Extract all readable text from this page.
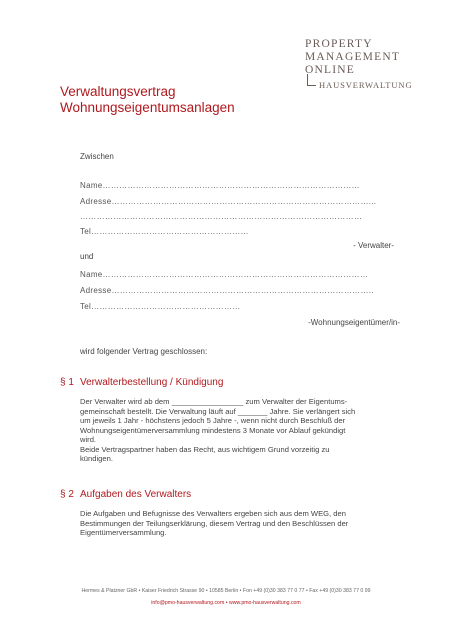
PROPERTY
MANAGEMENT
ONLINE
HAUSVERWALTUNG
Verwaltungsvertrag
Wohnungseigentumsanlagen
Zwischen
Name…………………………………………………………………………………
Adresse…………………………………………………………………………………...
…………………………………………………………………………………………
Tel…………………………………………………
- Verwalter-
und
Name……………………………………………………………………………………
Adresse…………………………………………………………………………………..
Tel………………………………………………
-Wohnungseigentümer/in-
wird folgender Vertrag geschlossen:
§ 1 Verwalterbestellung / Kündigung
Der Verwalter wird ab dem _________________ zum Verwalter der Eigentums-
gemeinschaft bestellt. Die Verwaltung läuft auf _______ Jahre. Sie verlängert sich
um jeweils 1 Jahr - höchstens jedoch 5 Jahre -, wenn nicht durch Beschluß der
Wohnungseigentümerversammlung mindestens 3 Monate vor Ablauf gekündigt
wird.
Beide Vertragspartner haben das Recht, aus wichtigem Grund vorzeitig zu
kündigen.
§ 2 Aufgaben des Verwalters
Die Aufgaben und Befugnisse des Verwalters ergeben sich aus dem WEG, den
Bestimmungen der Teilungserklärung, diesem Vertrag und den Beschlüssen der
Eigentümerversammlung.
Hermes & Platzner GbR • Kaiser Friedrich Strasse 90 • 10585 Berlin • Fon +49 (0)30 383 77 0 77 • Fax +49 (0)30 383 77 0 99
info@pmo-hausverwaltung.com • www.pmo-hausverwaltung.com
